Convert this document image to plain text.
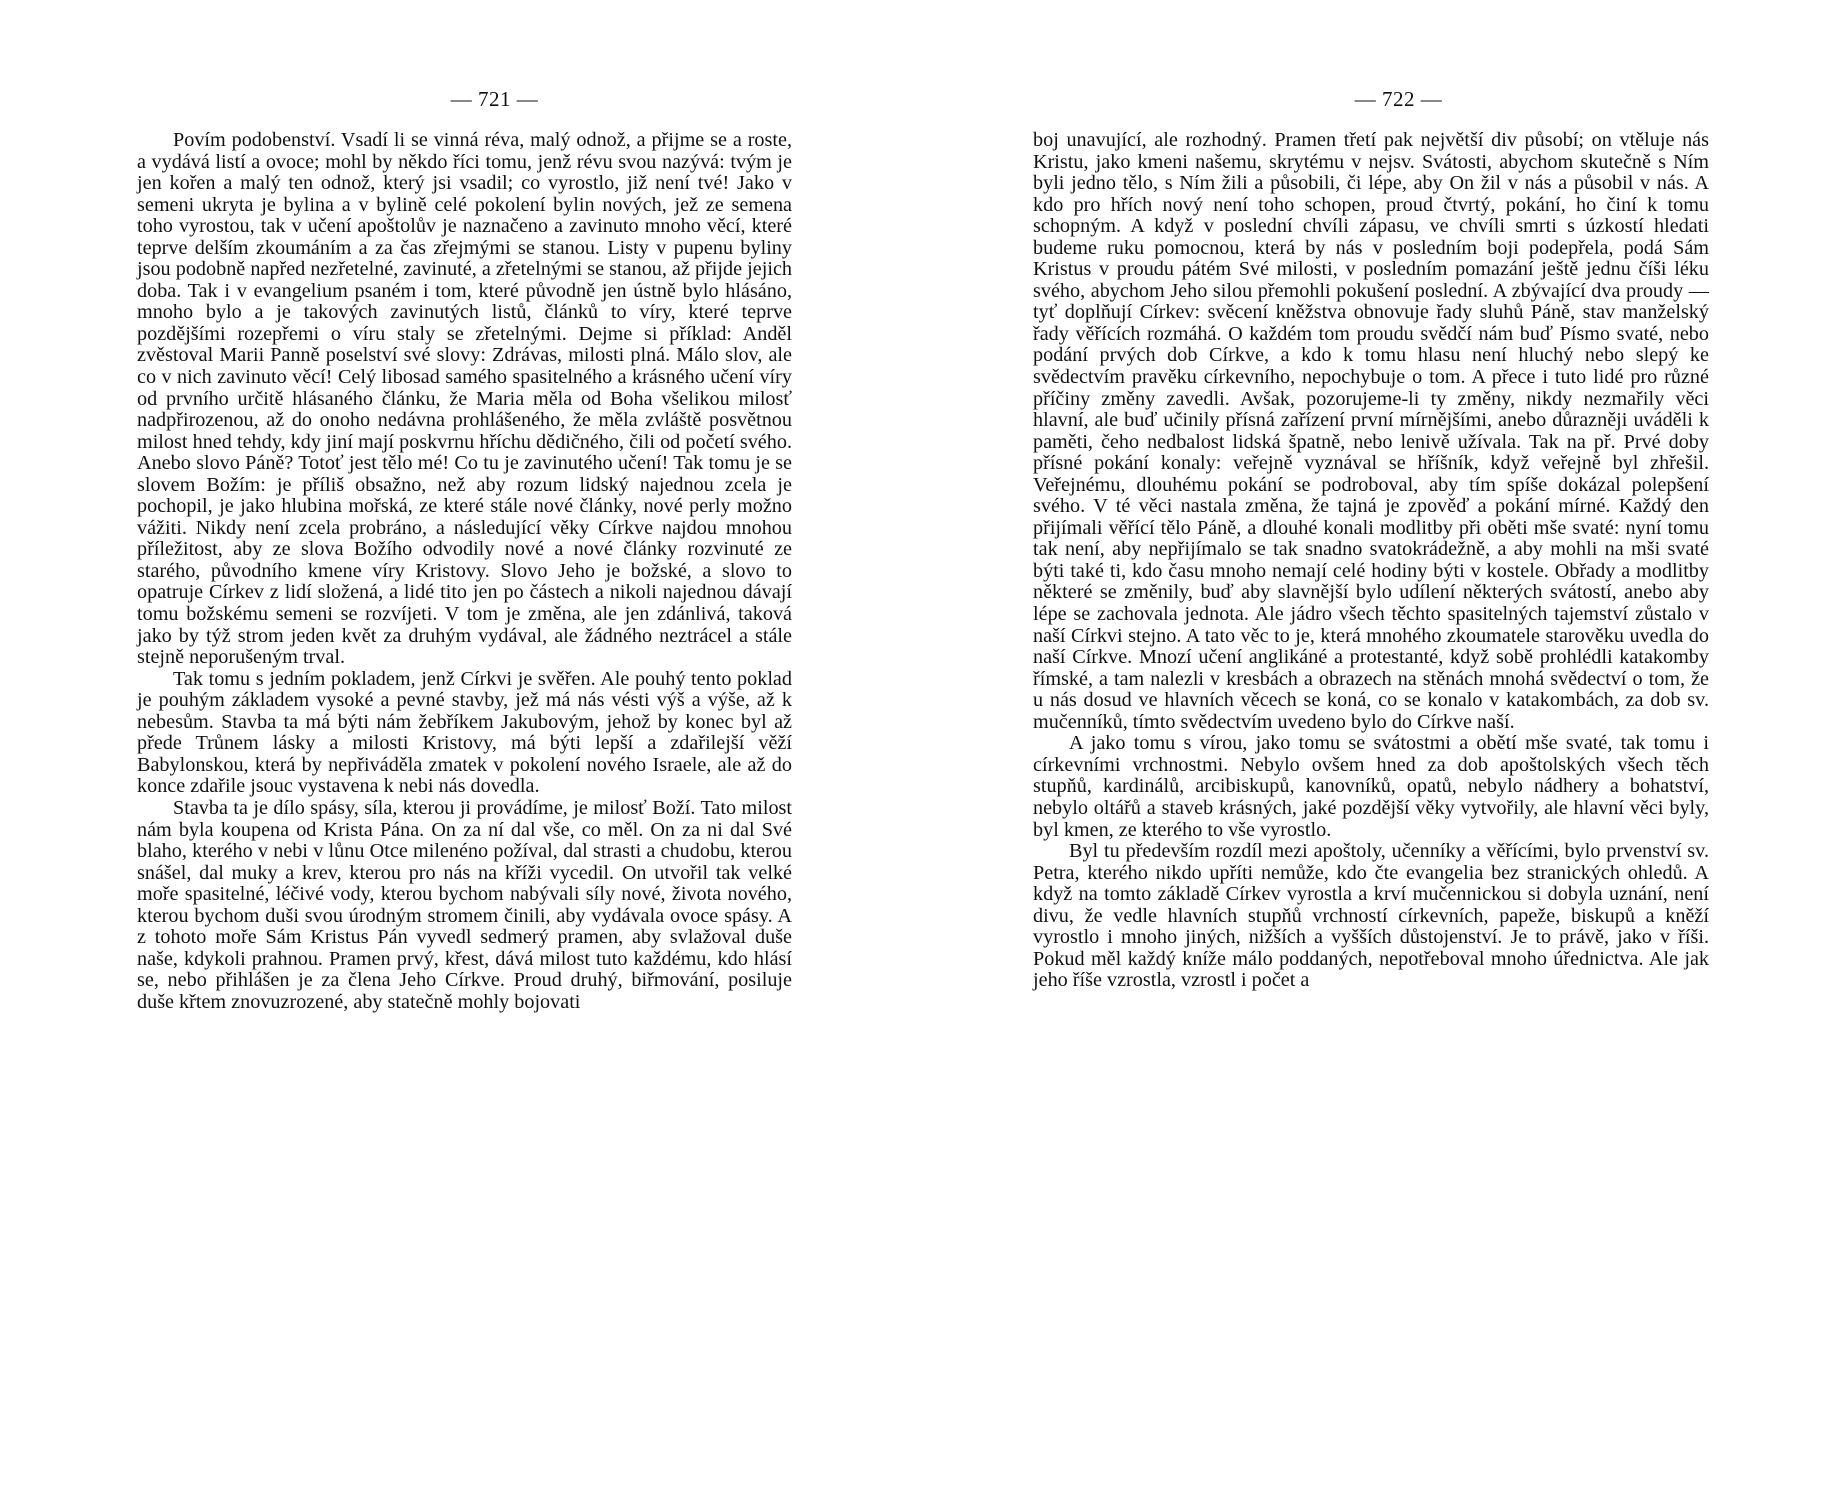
— 721 —

Povím podobenství. Vsadí li se vinná réva, malý odnož, a přijme se a roste, a vydává listí a ovoce; mohl by někdo říci tomu, jenž révu svou nazývá: tvým je jen kořen a malý ten odnož, který jsi vsadil; co vyrostlo, již není tvé! Jako v semeni ukryta je bylina a v bylině celé pokolení bylin nových, jež ze semena toho vyrostou, tak v učení apoštolův je naznačeno a zavinuto mnoho věcí, které teprve delším zkoumáním a za čas zřejmými se stanou. Listy v pupenu byliny jsou podobně napřed nezřetelné, zavinuté, a zřetelnými se stanou, až přijde jejich doba. Tak i v evangelium psaném i tom, které původně jen ústně bylo hlásáno, mnoho bylo a je takových zavinutých listů, článků to víry, které teprve pozdějšími rozepřemi o víru staly se zřetelnými. Dejme si příklad: Anděl zvěstoval Marii Panně poselství své slovy: Zdrávas, milosti plná. Málo slov, ale co v nich zavinuto věcí! Celý libosad samého spasitelného a krásného učení víry od prvního určitě hlásaného článku, že Maria měla od Boha všelikou milosť nadpřirozenou, až do onoho nedávna prohlášeného, že měla zvláště posvětnou milost hned tehdy, kdy jiní mají poskvrnu hříchu dědičného, čili od početí svého. Anebo slovo Páně? Totoť jest tělo mé! Co tu je zavinutého učení! Tak tomu je se slovem Božím: je příliš obsažno, než aby rozum lidský najednou zcela je pochopil, je jako hlubina mořská, ze které stále nové články, nové perly možno vážiti. Nikdy není zcela probráno, a následující věky Církve najdou mnohou příležitost, aby ze slova Božího odvodily nové a nové články rozvinuté ze starého, původního kmene víry Kristovy. Slovo Jeho je božské, a slovo to opatruje Církev z lidí složená, a lidé tito jen po částech a nikoli najednou dávají tomu božskému semeni se rozvíjeti. V tom je změna, ale jen zdánlivá, taková jako by týž strom jeden květ za druhým vydával, ale žádného neztrácel a stále stejně neporušeným trval.

Tak tomu s jedním pokladem, jenž Církvi je svěřen. Ale pouhý tento poklad je pouhým základem vysoké a pevné stavby, jež má nás vésti výš a výše, až k nebesům. Stavba ta má býti nám žebříkem Jakubovým, jehož by konec byl až přede Trůnem lásky a milosti Kristovy, má býti lepší a zdařilejší věží Babylonskou, která by nepřiváděla zmatek v pokolení nového Israele, ale až do konce zdařile jsouc vystavena k nebi nás dovedla.

Stavba ta je dílo spásy, síla, kterou ji provádíme, je milosť Boží. Tato milost nám byla koupena od Krista Pána. On za ní dal vše, co měl. On za ni dal Své blaho, kterého v nebi v lůnu Otce milenéno požíval, dal strasti a chudobu, kterou snášel, dal muky a krev, kterou pro nás na kříži vycedil. On utvořil tak velké moře spasitelné, léčivé vody, kterou bychom nabývali síly nové, života nového, kterou bychom duši svou úrodným stromem činili, aby vydávala ovoce spásy. A z tohoto moře Sám Kristus Pán vyvedl sedmerý pramen, aby svlažoval duše naše, kdykoli prahnou. Pramen prvý, křest, dává milost tuto každému, kdo hlásí se, nebo přihlášen je za člena Jeho Církve. Proud druhý, biřmování, posiluje duše křtem znovuzrozené, aby statečně mohly bojovati

— 722 —

boj unavující, ale rozhodný. Pramen třetí pak největší div působí; on vtěluje nás Kristu, jako kmeni našemu, skrytému v nejsv. Svátosti, abychom skutečně s Ním byli jedno tělo, s Ním žili a působili, či lépe, aby On žil v nás a působil v nás. A kdo pro hřích nový není toho schopen, proud čtvrtý, pokání, ho činí k tomu schopným. A když v poslední chvíli zápasu, ve chvíli smrti s úzkostí hledati budeme ruku pomocnou, která by nás v posledním boji podepřela, podá Sám Kristus v proudu pátém Své milosti, v posledním pomazání ještě jednu číši léku svého, abychom Jeho silou přemohli pokušení poslední. A zbývající dva proudy — tyť doplňují Církev: svěcení kněžstva obnovuje řady sluhů Páně, stav manželský řady věřících rozmáhá. O každém tom proudu svědčí nám buď Písmo svaté, nebo podání prvých dob Církve, a kdo k tomu hlasu není hluchý nebo slepý ke svědectvím pravěku církevního, nepochybuje o tom. A přece i tuto lidé pro různé příčiny změny zavedli. Avšak, pozorujeme-li ty změny, nikdy nezmařily věci hlavní, ale buď učinily přísná zařízení první mírnějšími, anebo důrazněji uváděli k paměti, čeho nedbalost lidská špatně, nebo lenivě užívala. Tak na př. Prvé doby přísné pokání konaly: veřejně vyznával se hříšník, když veřejně byl zhřešil. Veřejnému, dlouhému pokání se podroboval, aby tím spíše dokázal polepšení svého. V té věci nastala změna, že tajná je zpověď a pokání mírné. Každý den přijímali věřící tělo Páně, a dlouhé konali modlitby při oběti mše svaté: nyní tomu tak není, aby nepřijímalo se tak snadno svatokrádežně, a aby mohli na mši svaté býti také ti, kdo času mnoho nemají celé hodiny býti v kostele. Obřady a modlitby některé se změnily, buď aby slavnější bylo udílení některých svátostí, anebo aby lépe se zachovala jednota. Ale jádro všech těchto spasitelných tajemství zůstalo v naší Církvi stejno. A tato věc to je, která mnohého zkoumatele starověku uvedla do naší Církve. Mnozí učení anglikáné a protestanté, když sobě prohlédli katakomby římské, a tam nalezli v kresbách a obrazech na stěnách mnohá svědectví o tom, že u nás dosud ve hlavních věcech se koná, co se konalo v katakombách, za dob sv. mučenníků, tímto svědectvím uvedeno bylo do Církve naší.

A jako tomu s vírou, jako tomu se svátostmi a obětí mše svaté, tak tomu i církevními vrchnostmi. Nebylo ovšem hned za dob apoštolských všech těch stupňů, kardinálů, arcibiskupů, kanovníků, opatů, nebylo nádhery a bohatství, nebylo oltářů a staveb krásných, jaké pozdější věky vytvořily, ale hlavní věci byly, byl kmen, ze kterého to vše vyrostlo.

Byl tu především rozdíl mezi apoštoly, učenníky a věřícími, bylo prvenství sv. Petra, kterého nikdo upříti nemůže, kdo čte evangelia bez stranických ohledů. A když na tomto základě Církev vyrostla a krví mučennickou si dobyla uznání, není divu, že vedle hlavních stupňů vrchností církevních, papeže, biskupů a kněží vyrostlo i mnoho jiných, nižších a vyšších důstojenství. Je to právě, jako v říši. Pokud měl každý kníže málo poddaných, nepotřeboval mnoho úřednictva. Ale jak jeho říše vzrostla, vzrostl i počet a
